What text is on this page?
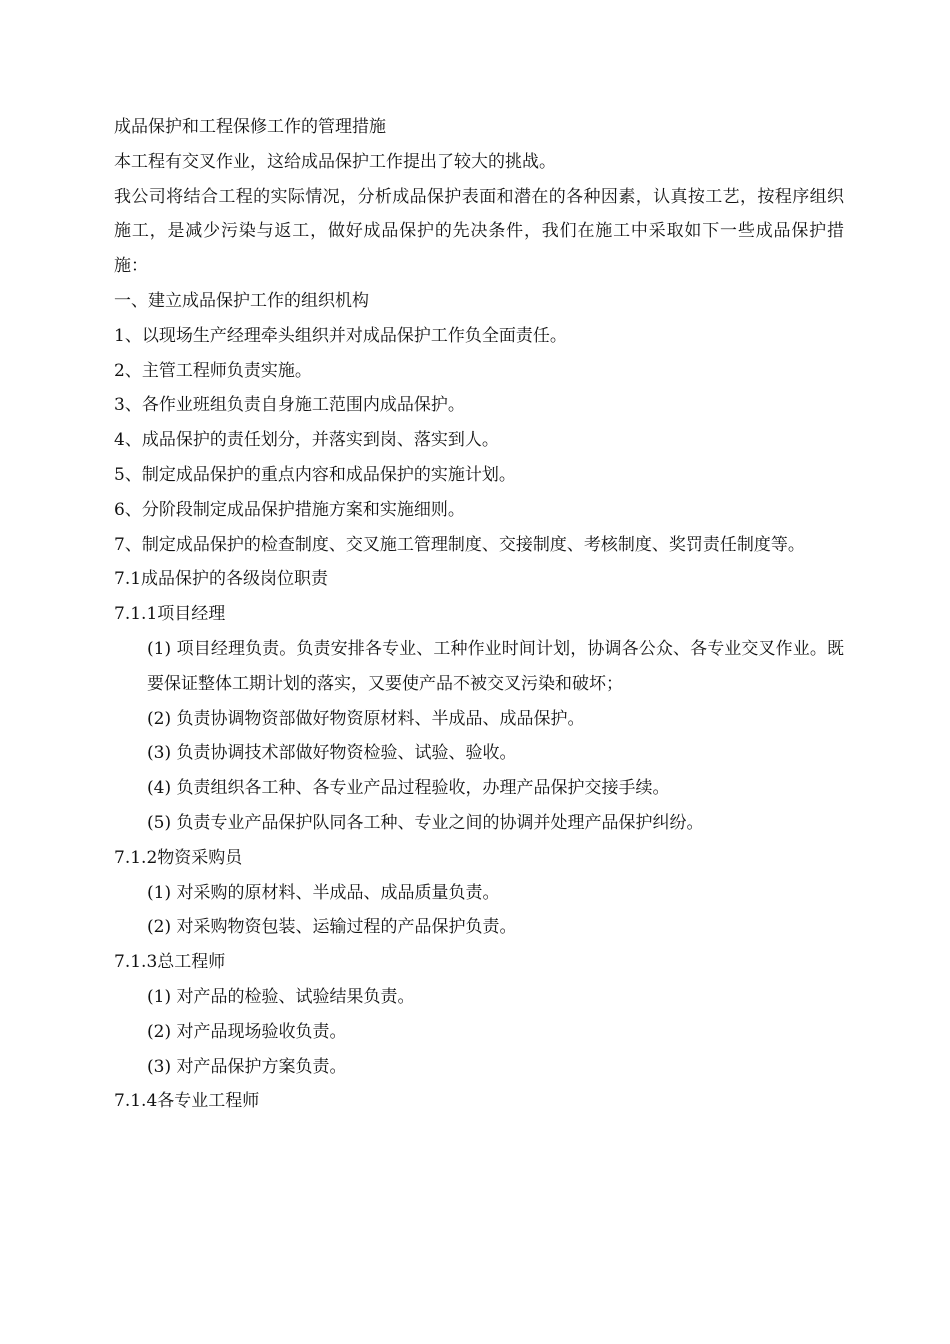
成品保护和工程保修工作的管理措施
本工程有交叉作业，这给成品保护工作提出了较大的挑战。
我公司将结合工程的实际情况，分析成品保护表面和潜在的各种因素，认真按工艺，按程序组织施工，是减少污染与返工，做好成品保护的先决条件，我们在施工中采取如下一些成品保护措施：
一、建立成品保护工作的组织机构
1、以现场生产经理牵头组织并对成品保护工作负全面责任。
2、主管工程师负责实施。
3、各作业班组负责自身施工范围内成品保护。
4、成品保护的责任划分，并落实到岗、落实到人。
5、制定成品保护的重点内容和成品保护的实施计划。
6、分阶段制定成品保护措施方案和实施细则。
7、制定成品保护的检查制度、交叉施工管理制度、交接制度、考核制度、奖罚责任制度等。
7.1成品保护的各级岗位职责
7.1.1项目经理
(1) 项目经理负责。负责安排各专业、工种作业时间计划，协调各公众、各专业交叉作业。既要保证整体工期计划的落实，又要使产品不被交叉污染和破坏；
(2) 负责协调物资部做好物资原材料、半成品、成品保护。
(3) 负责协调技术部做好物资检验、试验、验收。
(4) 负责组织各工种、各专业产品过程验收，办理产品保护交接手续。
(5) 负责专业产品保护队同各工种、专业之间的协调并处理产品保护纠纷。
7.1.2物资采购员
(1) 对采购的原材料、半成品、成品质量负责。
(2) 对采购物资包装、运输过程的产品保护负责。
7.1.3总工程师
(1) 对产品的检验、试验结果负责。
(2) 对产品现场验收负责。
(3) 对产品保护方案负责。
7.1.4各专业工程师
